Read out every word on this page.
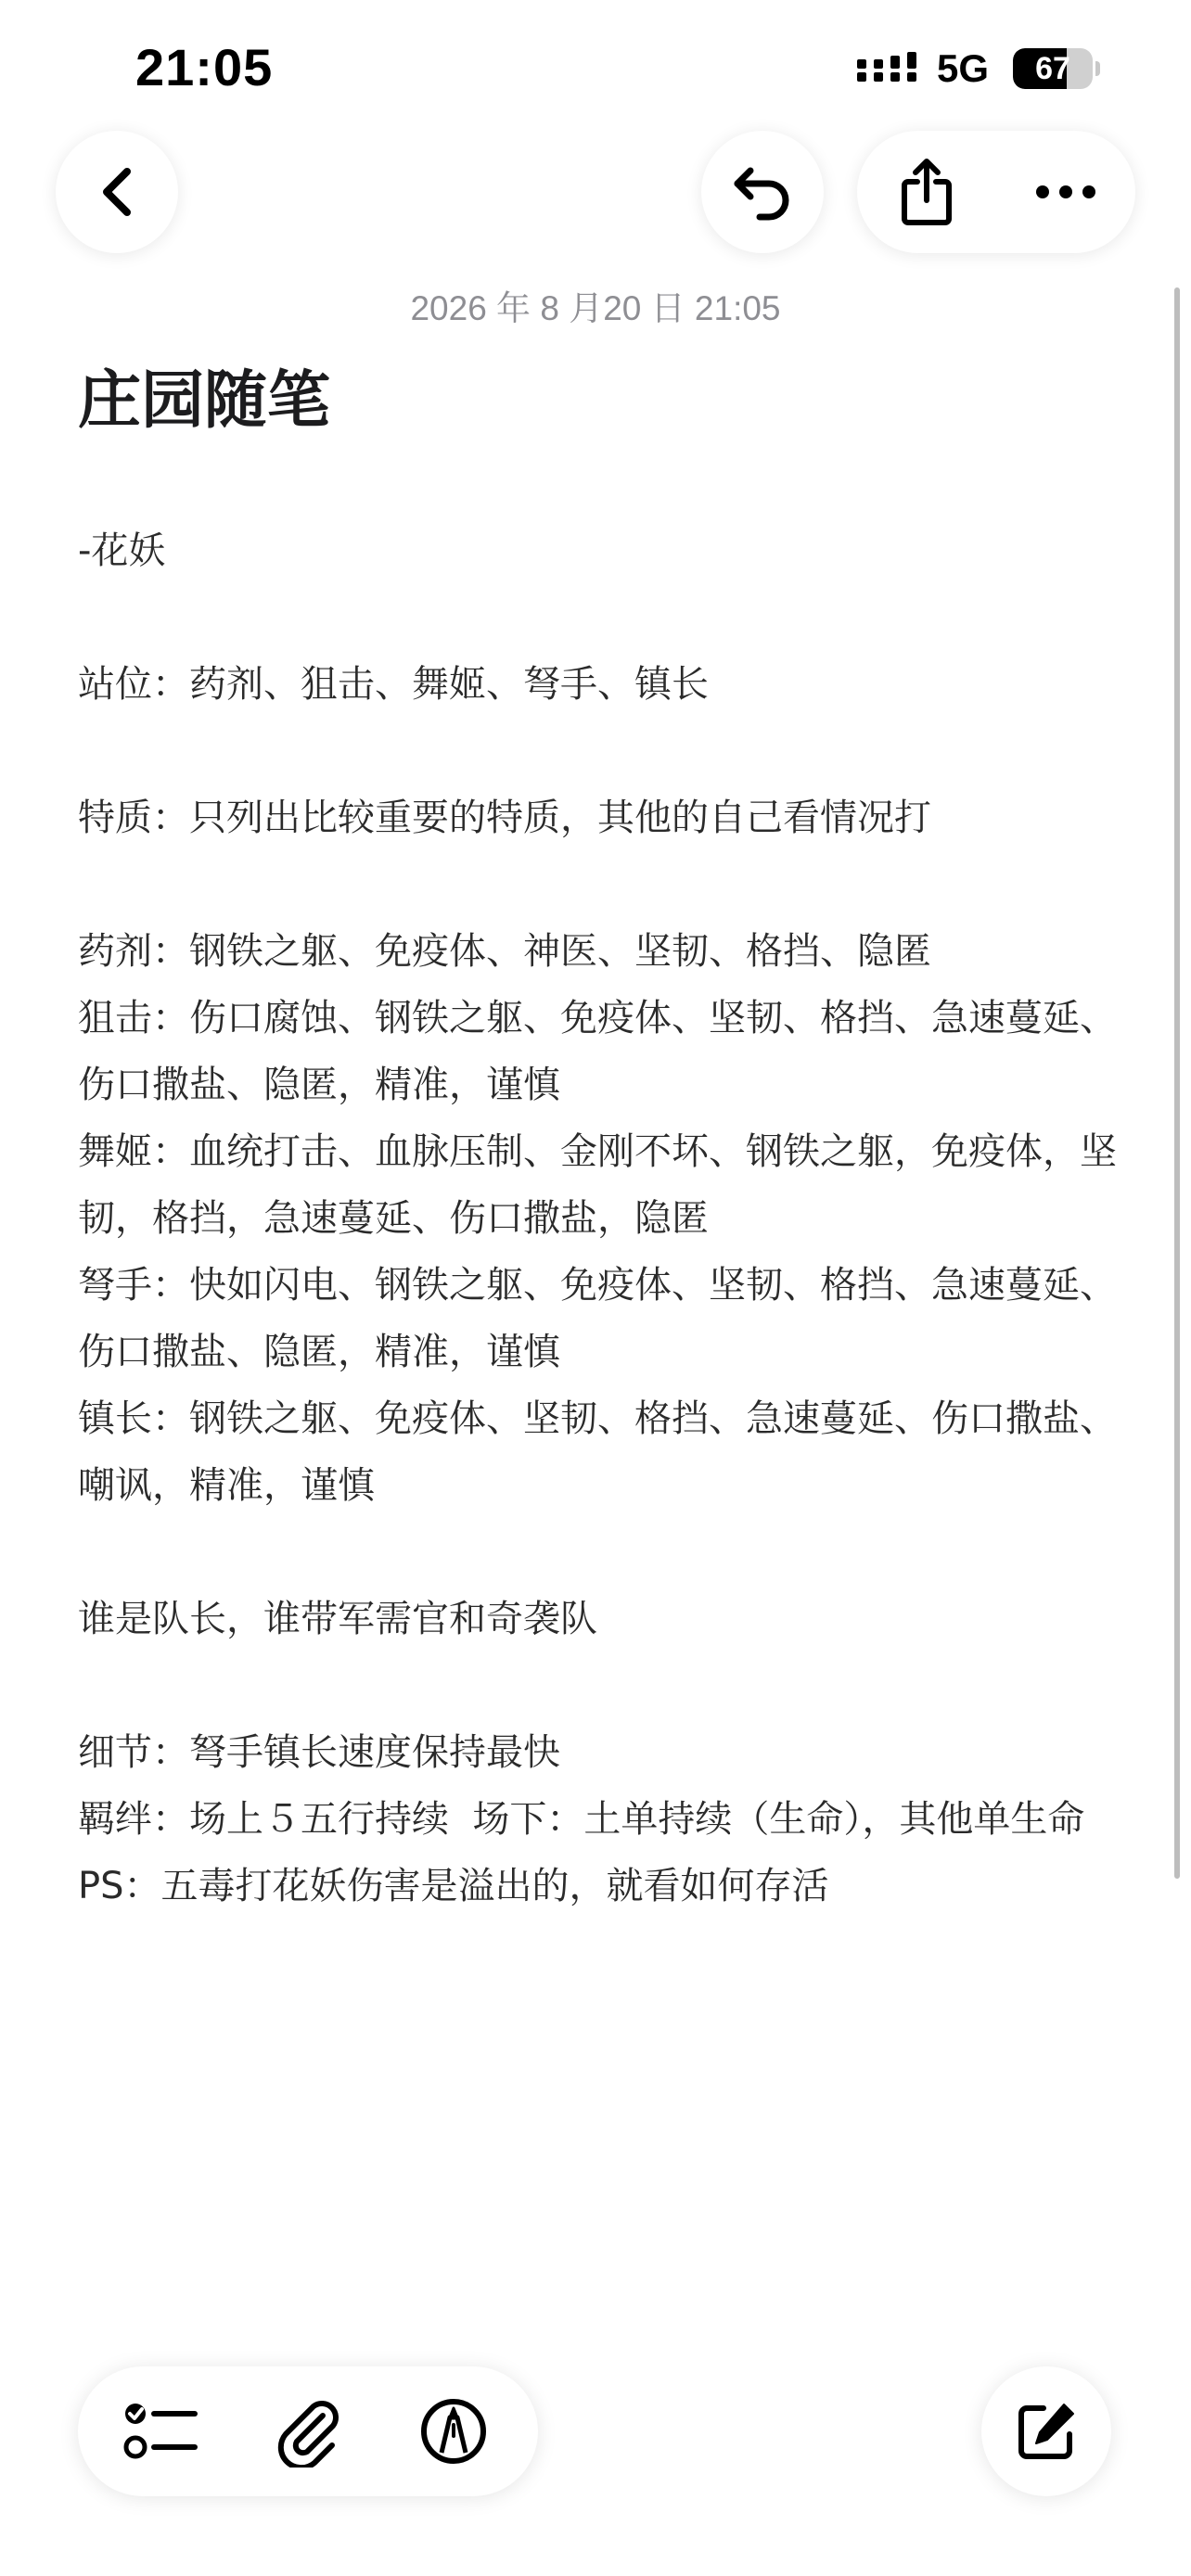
21:05	5G	67
2026 年 8 月20 日 21:05
庄园随笔
-花妖
站位：药剂、狙击、舞姬、弩手、镇长
特质：只列出比较重要的特质，其他的自己看情况打
药剂：钢铁之躯、免疫体、神医、坚韧、格挡、隐匿
狙击：伤口腐蚀、钢铁之躯、免疫体、坚韧、格挡、急速蔓延、伤口撒盐、隐匿，精准，谨慎
舞姬：血统打击、血脉压制、金刚不坏、钢铁之躯，免疫体，坚韧，格挡，急速蔓延、伤口撒盐，隐匿
弩手：快如闪电、钢铁之躯、免疫体、坚韧、格挡、急速蔓延、伤口撒盐、隐匿，精准，谨慎
镇长：钢铁之躯、免疫体、坚韧、格挡、急速蔓延、伤口撒盐、嘲讽，精准，谨慎
谁是队长，谁带军需官和奇袭队
细节：弩手镇长速度保持最快
羁绊：场上５五行持续  场下：土单持续（生命），其他单生命
PS：五毒打花妖伤害是溢出的，就看如何存活
